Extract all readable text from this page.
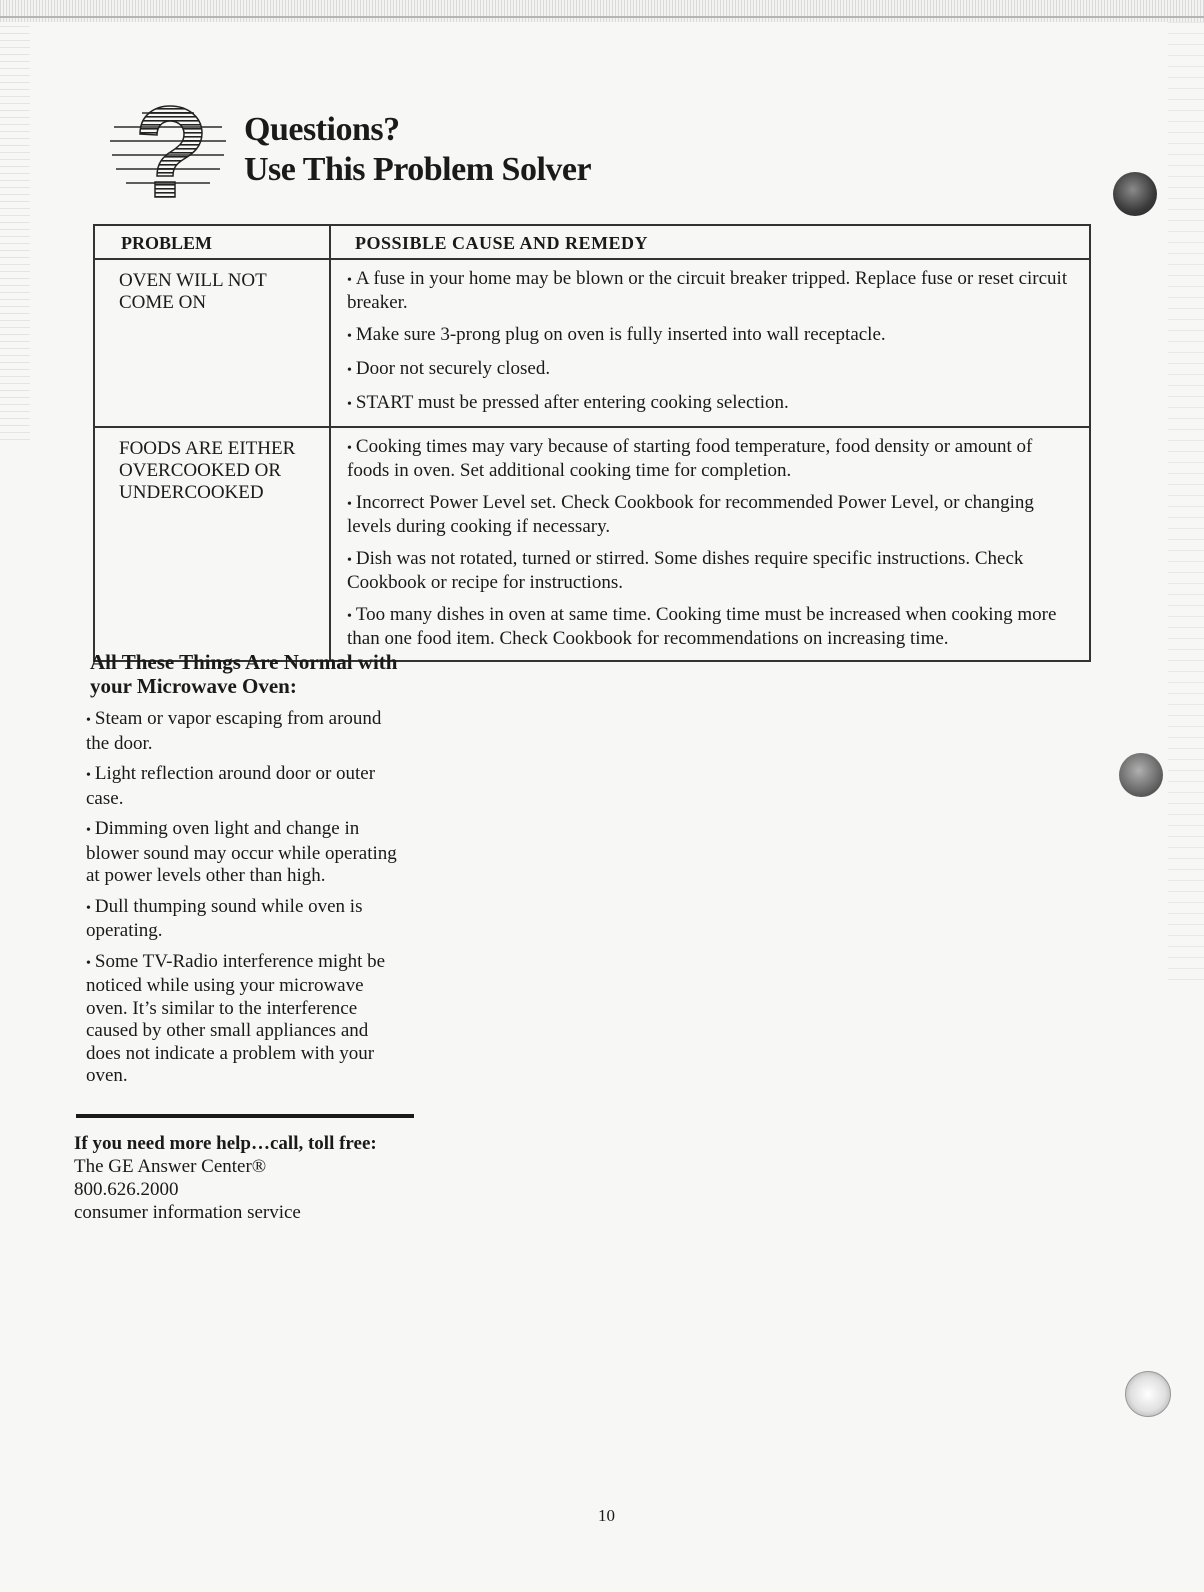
Questions?
Use This Problem Solver
PROBLEM	POSSIBLE CAUSE AND REMEDY
OVEN WILL NOT COME ON	• A fuse in your home may be blown or the circuit breaker tripped. Replace fuse or reset circuit breaker.
• Make sure 3-prong plug on oven is fully inserted into wall receptacle.
• Door not securely closed.
• START must be pressed after entering cooking selection.

FOODS ARE EITHER OVERCOOKED OR UNDERCOOKED	• Cooking times may vary because of starting food temperature, food density or amount of foods in oven. Set additional cooking time for completion.
• Incorrect Power Level set. Check Cookbook for recommended Power Level, or changing levels during cooking if necessary.
• Dish was not rotated, turned or stirred. Some dishes require specific instructions. Check Cookbook or recipe for instructions.
• Too many dishes in oven at same time. Cooking time must be increased when cooking more than one food item. Check Cookbook for recommendations on increasing time.
All These Things Are Normal with your Microwave Oven:
• Steam or vapor escaping from around the door.
• Light reflection around door or outer case.
• Dimming oven light and change in blower sound may occur while operating at power levels other than high.
• Dull thumping sound while oven is operating.
• Some TV-Radio interference might be noticed while using your microwave oven. It’s similar to the interference caused by other small appliances and does not indicate a problem with your oven.
If you need more help…call, toll free:
The GE Answer Center®
800.626.2000
consumer information service
10
